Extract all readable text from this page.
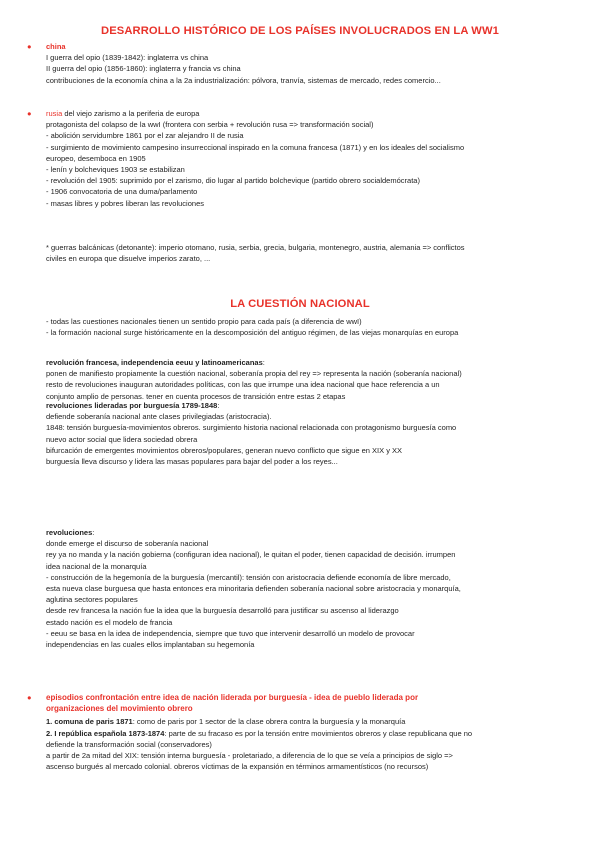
DESARROLLO HISTÓRICO DE LOS PAÍSES INVOLUCRADOS EN LA WW1
● china

I guerra del opio (1839-1842): inglaterra vs china

II guerra del opio (1856-1860): inglaterra y francia vs china

contribuciones de la economía china a la 2a industrialización: pólvora, tranvía, sistemas de mercado, redes comercio...

● rusia del viejo zarismo a la periferia de europa

protagonista del colapso de la wwI (frontera con serbia + revolución rusa => transformación social)

- abolición servidumbre 1861 por el zar alejandro II de rusia

- surgimiento de movimiento campesino insurreccional inspirado en la comuna francesa (1871) y en los ideales del socialismo

europeo, desemboca en 1905

- lenín y bolcheviques 1903 se estabilizan

- revolución del 1905: suprimido por el zarismo, dio lugar al partido bolchevique (partido obrero socialdemócrata)

- 1906 convocatoria de una duma/parlamento

- masas libres y pobres liberan las revoluciones

* guerras balcánicas (detonante): imperio otomano, rusia, serbia, grecia, bulgaria, montenegro, austria, alemania => conflictos

civiles en europa que disuelve imperios zarato, ...

LA CUESTIÓN NACIONAL

- todas las cuestiones nacionales tienen un sentido propio para cada país (a diferencia de wwI)

- la formación nacional surge históricamente en la descomposición del antiguo régimen, de las viejas monarquías en europa

revolución francesa, independencia eeuu y latinoamericanas:

ponen de manifiesto propiamente la cuestión nacional, soberanía propia del rey => representa la nación (soberanía nacional)

resto de revoluciones inauguran autoridades políticas, con las que irrumpe una idea nacional que hace referencia a un

conjunto amplio de personas. tener en cuenta procesos de transición entre estas 2 etapas

revoluciones lideradas por burguesía 1789-1848:

defiende soberanía nacional ante clases privilegiadas (aristocracia).

1848: tensión burguesía-movimientos obreros. surgimiento historia nacional relacionada con protagonismo burguesía como

nuevo actor social que lidera sociedad obrera

bifurcación de emergentes movimientos obreros/populares, generan nuevo conflicto que sigue en XIX y XX

burguesía lleva discurso y lidera las masas populares para bajar del poder a los reyes...

revoluciones:

donde emerge el discurso de soberanía nacional

rey ya no manda y la nación gobierna (configuran idea nacional), le quitan el poder, tienen capacidad de decisión. irrumpen

idea nacional de la monarquía

- construcción de la hegemonía de la burguesía (mercantil): tensión con aristocracia defiende economía de libre mercado,

esta nueva clase burguesa que hasta entonces era minoritaria defienden soberanía nacional sobre aristocracia y monarquía,

aglutina sectores populares

desde rev francesa la nación fue la idea que la burguesía desarrolló para justificar su ascenso al liderazgo

estado nación es el modelo de francia

- eeuu se basa en la idea de independencia, siempre que tuvo que intervenir desarrolló un modelo de provocar

independencias en las cuales ellos implantaban su hegemonía

● episodios confrontación entre idea de nación liderada por burguesía - idea de pueblo liderada por

organizaciones del movimiento obrero

1. comuna de paris 1871: como de paris por 1 sector de la clase obrera contra la burguesía y la monarquía

2. I república española 1873-1874: parte de su fracaso es por la tensión entre movimientos obreros y clase republicana que no

defiende la transformación social (conservadores)

a partir de 2a mitad del XIX: tensión interna burguesía - proletariado, a diferencia de lo que se veía a principios de siglo =>

ascenso burgués al mercado colonial. obreros víctimas de la expansión en términos armamentísticos (no recursos)
